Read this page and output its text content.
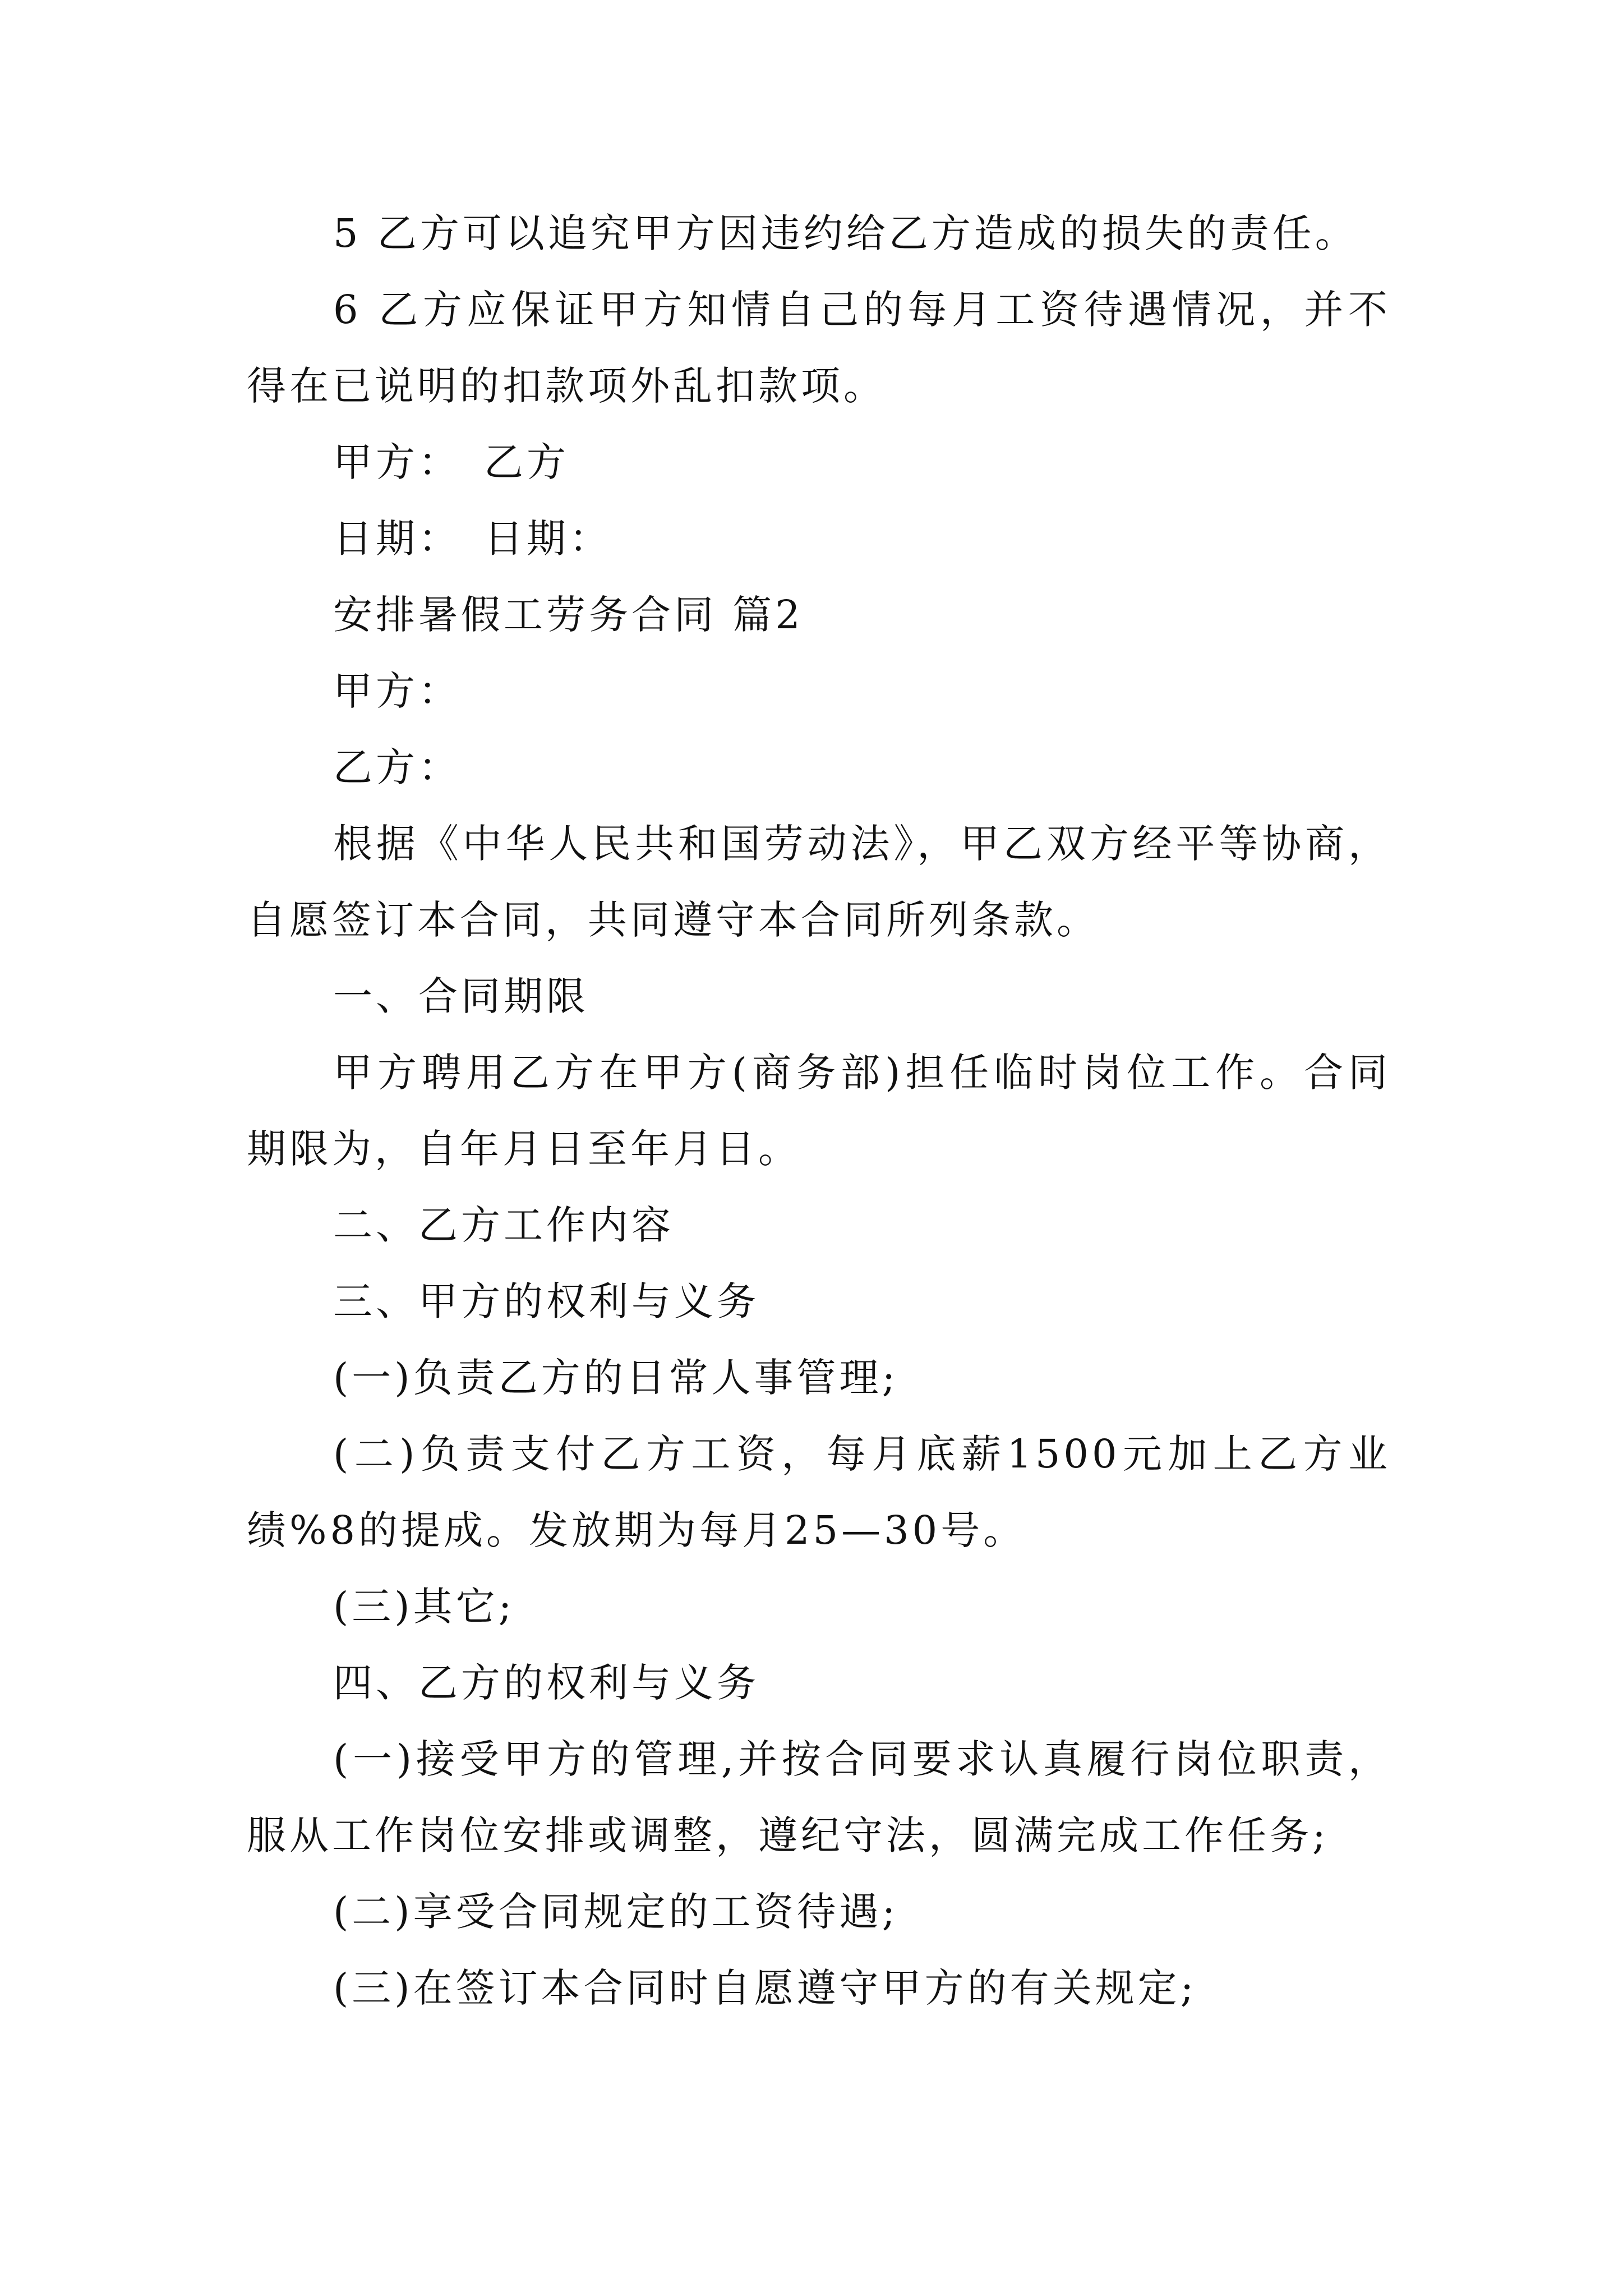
5 乙方可以追究甲方因违约给乙方造成的损失的责任。

6 乙方应保证甲方知情自己的每月工资待遇情况，并不得在已说明的扣款项外乱扣款项。

甲方：　乙方

日期：　日期：

安排暑假工劳务合同 篇2

甲方：

乙方：

根据《中华人民共和国劳动法》，甲乙双方经平等协商，自愿签订本合同，共同遵守本合同所列条款。

一、合同期限

甲方聘用乙方在甲方(商务部)担任临时岗位工作。合同期限为，自年月日至年月日。

二、乙方工作内容

三、甲方的权利与义务

(一)负责乙方的日常人事管理;

(二)负责支付乙方工资，每月底薪1500元加上乙方业绩%8的提成。发放期为每月25—30号。

(三)其它;

四、乙方的权利与义务

(一)接受甲方的管理,并按合同要求认真履行岗位职责，服从工作岗位安排或调整，遵纪守法，圆满完成工作任务;

(二)享受合同规定的工资待遇;

(三)在签订本合同时自愿遵守甲方的有关规定;
